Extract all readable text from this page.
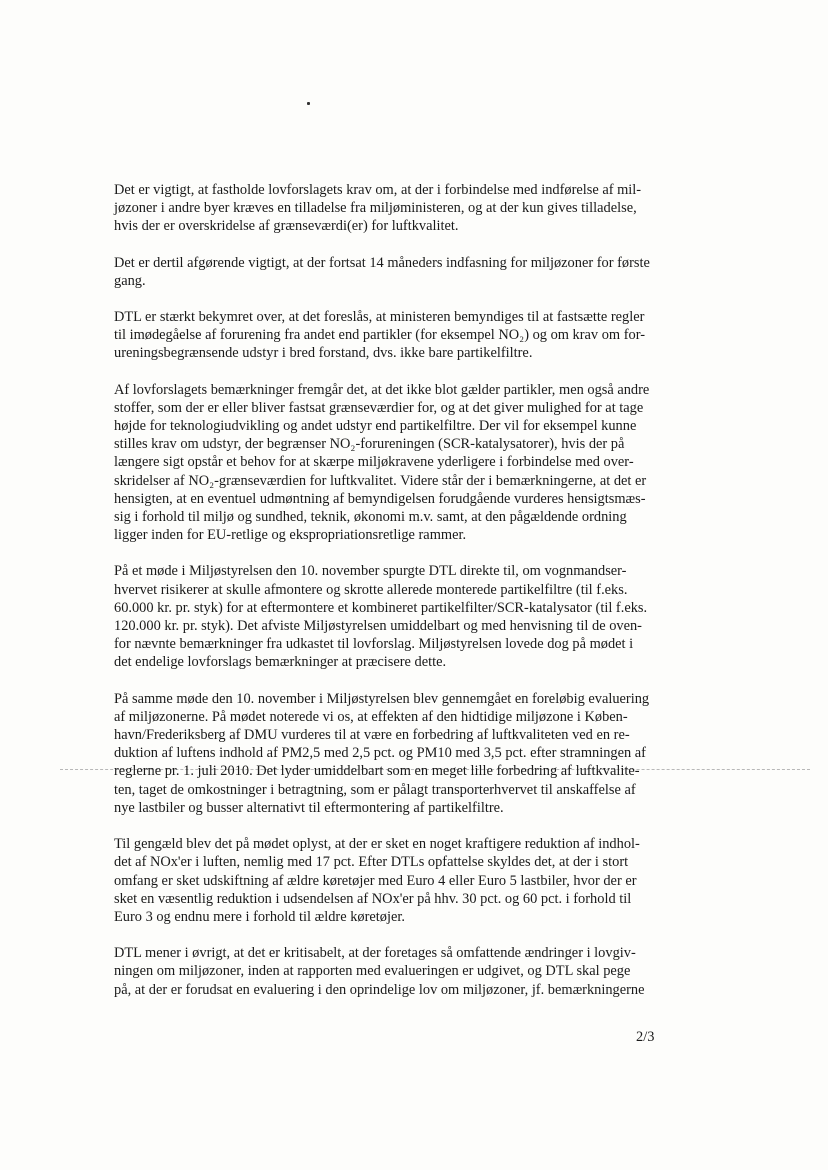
Det er vigtigt, at fastholde lovforslagets krav om, at der i forbindelse med indførelse af mil-
jøzoner i andre byer kræves en tilladelse fra miljøministeren, og at der kun gives tilladelse,
hvis der er overskridelse af grænseværdi(er) for luftkvalitet.

Det er dertil afgørende vigtigt, at der fortsat 14 måneders indfasning for miljøzoner for første
gang.

DTL er stærkt bekymret over, at det foreslås, at ministeren bemyndiges til at fastsætte regler
til imødegåelse af forurening fra andet end partikler (for eksempel NO₂) og om krav om for-
ureningsbegrænsende udstyr i bred forstand, dvs. ikke bare partikelfiltre.

Af lovforslagets bemærkninger fremgår det, at det ikke blot gælder partikler, men også andre
stoffer, som der er eller bliver fastsat grænseværdier for, og at det giver mulighed for at tage
højde for teknologiudvikling og andet udstyr end partikelfiltre. Der vil for eksempel kunne
stilles krav om udstyr, der begrænser NO₂-forureningen (SCR-katalysatorer), hvis der på
længere sigt opstår et behov for at skærpe miljøkravene yderligere i forbindelse med over-
skridelser af NO₂-grænseværdien for luftkvalitet. Videre står der i bemærkningerne, at det er
hensigten, at en eventuel udmøntning af bemyndigelsen forudgående vurderes hensigtsmæs-
sig i forhold til miljø og sundhed, teknik, økonomi m.v. samt, at den pågældende ordning
ligger inden for EU-retlige og ekspropriationsretlige rammer.

På et møde i Miljøstyrelsen den 10. november spurgte DTL direkte til, om vognmandser-
hvervet risikerer at skulle afmontere og skrotte allerede monterede partikelfiltre (til f.eks.
60.000 kr. pr. styk) for at eftermontere et kombineret partikelfilter/SCR-katalysator (til f.eks.
120.000 kr. pr. styk). Det afviste Miljøstyrelsen umiddelbart og med henvisning til de oven-
for nævnte bemærkninger fra udkastet til lovforslag. Miljøstyrelsen lovede dog på mødet i
det endelige lovforslags bemærkninger at præcisere dette.

På samme møde den 10. november i Miljøstyrelsen blev gennemgået en foreløbig evaluering
af miljøzonerne. På mødet noterede vi os, at effekten af den hidtidige miljøzone i Køben-
havn/Frederiksberg af DMU vurderes til at være en forbedring af luftkvaliteten ved en re-
duktion af luftens indhold af PM2,5 med 2,5 pct. og PM10 med 3,5 pct. efter stramningen af
reglerne pr. 1. juli 2010. Det lyder umiddelbart som en meget lille forbedring af luftkvalite-
ten, taget de omkostninger i betragtning, som er pålagt transporterhvervet til anskaffelse af
nye lastbiler og busser alternativt til eftermontering af partikelfiltre.

Til gengæld blev det på mødet oplyst, at der er sket en noget kraftigere reduktion af indhol-
det af NOx'er i luften, nemlig med 17 pct. Efter DTLs opfattelse skyldes det, at der i stort
omfang er sket udskiftning af ældre køretøjer med Euro 4 eller Euro 5 lastbiler, hvor der er
sket en væsentlig reduktion i udsendelsen af NOx'er på hhv. 30 pct. og 60 pct. i forhold til
Euro 3 og endnu mere i forhold til ældre køretøjer.

DTL mener i øvrigt, at det er kritisabelt, at der foretages så omfattende ændringer i lovgiv-
ningen om miljøzoner, inden at rapporten med evalueringen er udgivet, og DTL skal pege
på, at der er forudsat en evaluering i den oprindelige lov om miljøzoner, jf. bemærkningerne

2/3
